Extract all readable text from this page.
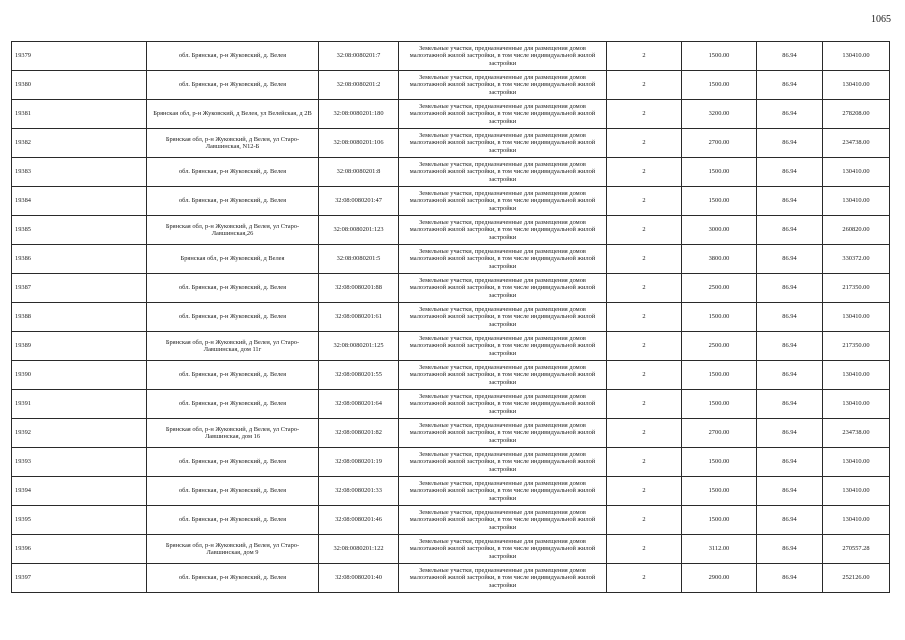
1065
19379	обл. Брянская, р-н Жуковский, д. Велея	32:08:0080201:7	Земельные участки, предназначенные для размещения домов малоэтажной жилой застройки, в том числе индивидуальной жилой застройки	2	1500.00	86.94	130410.00
19380	обл. Брянская, р-н Жуковский, д. Велея	32:08:0080201:2	Земельные участки, предназначенные для размещения домов малоэтажной жилой застройки, в том числе индивидуальной жилой застройки	2	1500.00	86.94	130410.00
19381	Брянская обл, р-н Жуковский, д Велея, ул Велейская, д 2В	32:08:0080201:180	Земельные участки, предназначенные для размещения домов малоэтажной жилой застройки, в том числе индивидуальной жилой застройки	2	3200.00	86.94	278208.00
19382	Брянская обл, р-н Жуковский, д Велея, ул Старо-Лавшинская, N12-Б	32:08:0080201:106	Земельные участки, предназначенные для размещения домов малоэтажной жилой застройки, в том числе индивидуальной жилой застройки	2	2700.00	86.94	234738.00
19383	обл. Брянская, р-н Жуковский, д. Велея	32:08:0080201:8	Земельные участки, предназначенные для размещения домов малоэтажной жилой застройки, в том числе индивидуальной жилой застройки	2	1500.00	86.94	130410.00
19384	обл. Брянская, р-н Жуковский, д. Велея	32:08:0080201:47	Земельные участки, предназначенные для размещения домов малоэтажной жилой застройки, в том числе индивидуальной жилой застройки	2	1500.00	86.94	130410.00
19385	Брянская обл, р-н Жуковский, д Велея, ул Старо-Лавшинская,26	32:08:0080201:123	Земельные участки, предназначенные для размещения домов малоэтажной жилой застройки, в том числе индивидуальной жилой застройки	2	3000.00	86.94	260820.00
19386	Брянская обл, р-н Жуковский, д Велея	32:08:0080201:5	Земельные участки, предназначенные для размещения домов малоэтажной жилой застройки, в том числе индивидуальной жилой застройки	2	3800.00	86.94	330372.00
19387	обл. Брянская, р-н Жуковский, д. Велея	32:08:0080201:88	Земельные участки, предназначенные для размещения домов малоэтажной жилой застройки, в том числе индивидуальной жилой застройки	2	2500.00	86.94	217350.00
19388	обл. Брянская, р-н Жуковский, д. Велея	32:08:0080201:61	Земельные участки, предназначенные для размещения домов малоэтажной жилой застройки, в том числе индивидуальной жилой застройки	2	1500.00	86.94	130410.00
19389	Брянская обл, р-н Жуковский, д Велея, ул Старо-Лавшинская, дом 11г	32:08:0080201:125	Земельные участки, предназначенные для размещения домов малоэтажной жилой застройки, в том числе индивидуальной жилой застройки	2	2500.00	86.94	217350.00
19390	обл. Брянская, р-н Жуковский, д. Велея	32:08:0080201:55	Земельные участки, предназначенные для размещения домов малоэтажной жилой застройки, в том числе индивидуальной жилой застройки	2	1500.00	86.94	130410.00
19391	обл. Брянская, р-н Жуковский, д. Велея	32:08:0080201:64	Земельные участки, предназначенные для размещения домов малоэтажной жилой застройки, в том числе индивидуальной жилой застройки	2	1500.00	86.94	130410.00
19392	Брянская обл, р-н Жуковский, д Велея, ул Старо-Лавшинская, дом 16	32:08:0080201:82	Земельные участки, предназначенные для размещения домов малоэтажной жилой застройки, в том числе индивидуальной жилой застройки	2	2700.00	86.94	234738.00
19393	обл. Брянская, р-н Жуковский, д. Велея	32:08:0080201:19	Земельные участки, предназначенные для размещения домов малоэтажной жилой застройки, в том числе индивидуальной жилой застройки	2	1500.00	86.94	130410.00
19394	обл. Брянская, р-н Жуковский, д. Велея	32:08:0080201:33	Земельные участки, предназначенные для размещения домов малоэтажной жилой застройки, в том числе индивидуальной жилой застройки	2	1500.00	86.94	130410.00
19395	обл. Брянская, р-н Жуковский, д. Велея	32:08:0080201:46	Земельные участки, предназначенные для размещения домов малоэтажной жилой застройки, в том числе индивидуальной жилой застройки	2	1500.00	86.94	130410.00
19396	Брянская обл, р-н Жуковский, д Велея, ул Старо-Лавшинская, дом 9	32:08:0080201:122	Земельные участки, предназначенные для размещения домов малоэтажной жилой застройки, в том числе индивидуальной жилой застройки	2	3112.00	86.94	270557.28
19397	обл. Брянская, р-н Жуковский, д. Велея	32:08:0080201:40	Земельные участки, предназначенные для размещения домов малоэтажной жилой застройки, в том числе индивидуальной жилой застройки	2	2900.00	86.94	252126.00
